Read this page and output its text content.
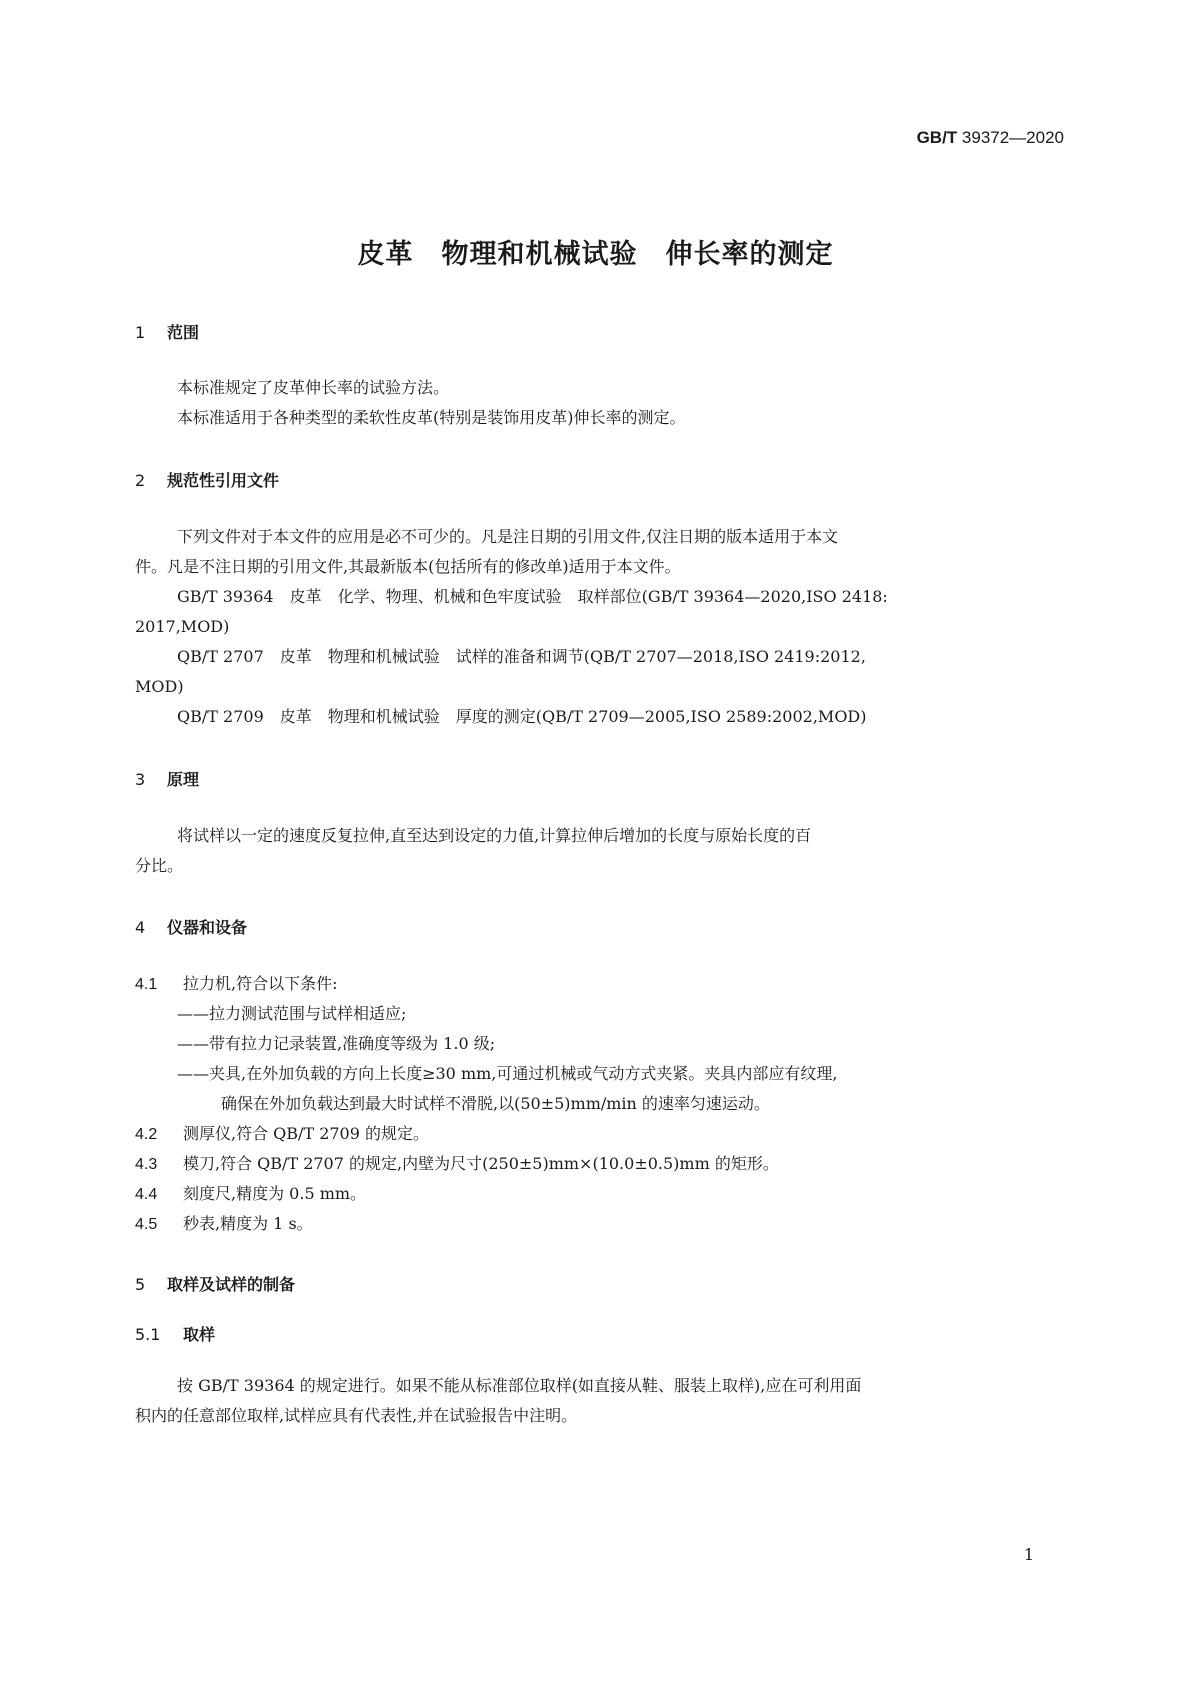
GB/T 39372—2020
皮革　物理和机械试验　伸长率的测定
1 范围
本标准规定了皮革伸长率的试验方法。
本标准适用于各种类型的柔软性皮革(特别是装饰用皮革)伸长率的测定。
2 规范性引用文件
下列文件对于本文件的应用是必不可少的。凡是注日期的引用文件,仅注日期的版本适用于本文
件。凡是不注日期的引用文件,其最新版本(包括所有的修改单)适用于本文件。
GB/T 39364　皮革　化学、物理、机械和色牢度试验　取样部位(GB/T 39364—2020,ISO 2418:
2017,MOD)
QB/T 2707　皮革　物理和机械试验　试样的准备和调节(QB/T 2707—2018,ISO 2419:2012,
MOD)
QB/T 2709　皮革　物理和机械试验　厚度的测定(QB/T 2709—2005,ISO 2589:2002,MOD)
3 原理
将试样以一定的速度反复拉伸,直至达到设定的力值,计算拉伸后增加的长度与原始长度的百
分比。
4 仪器和设备
4.1 拉力机,符合以下条件:
——拉力测试范围与试样相适应;
——带有拉力记录装置,准确度等级为 1.0 级;
——夹具,在外加负载的方向上长度≥30 mm,可通过机械或气动方式夹紧。夹具内部应有纹理,
确保在外加负载达到最大时试样不滑脱,以(50±5)mm/min 的速率匀速运动。
4.2 测厚仪,符合 QB/T 2709 的规定。
4.3 模刀,符合 QB/T 2707 的规定,内壁为尺寸(250±5)mm×(10.0±0.5)mm 的矩形。
4.4 刻度尺,精度为 0.5 mm。
4.5 秒表,精度为 1 s。
5 取样及试样的制备
5.1 取样
按 GB/T 39364 的规定进行。如果不能从标准部位取样(如直接从鞋、服装上取样),应在可利用面
积内的任意部位取样,试样应具有代表性,并在试验报告中注明。
1
